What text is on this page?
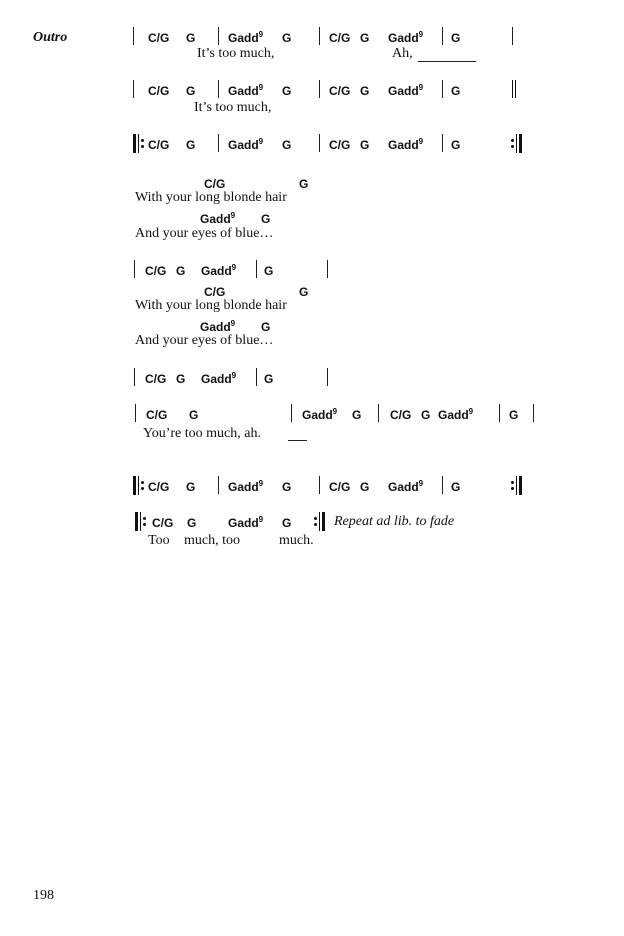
Outro	C/G G	Gadd$^9$ G	C/G G Gadd$^9$ G
It’s too much,	Ah,
C/G G	Gadd$^9$ G	C/G G Gadd$^9$ G
It’s too much,
C/G G	Gadd$^9$ G	C/G G Gadd$^9$ G
C/G	G
With your long blonde hair
Gadd$^9$ G
And your eyes of blue…
C/G G Gadd$^9$ G
C/G	G
With your long blonde hair
Gadd$^9$ G
And your eyes of blue…
C/G G Gadd$^9$ G
C/G G	Gadd$^9$ G C/G G Gadd$^9$	G
You’re too much, ah.
C/G G	Gadd$^9$ G	C/G G Gadd$^9$ G
C/G G	Gadd$^9$ G	Repeat ad lib. to fade
Too much, too	much.
198
